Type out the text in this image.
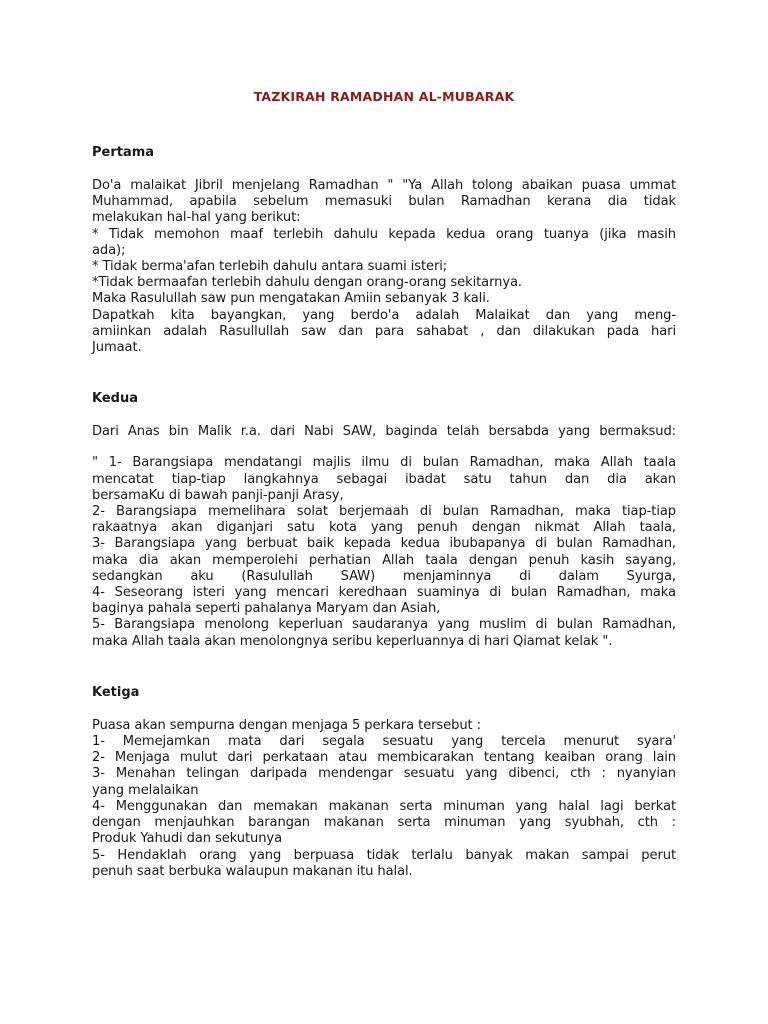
TAZKIRAH RAMADHAN AL-MUBARAK
Pertama
Do'a malaikat Jibril menjelang Ramadhan " "Ya Allah tolong abaikan puasa ummat
Muhammad, apabila sebelum memasuki bulan Ramadhan kerana dia tidak
melakukan hal-hal yang berikut:
* Tidak memohon maaf terlebih dahulu kepada kedua orang tuanya (jika masih
ada);
* Tidak berma'afan terlebih dahulu antara suami isteri;
*Tidak bermaafan terlebih dahulu dengan orang-orang sekitarnya.
Maka Rasulullah saw pun mengatakan Amiin sebanyak 3 kali.
Dapatkah kita bayangkan, yang berdo'a adalah Malaikat dan yang meng-
amiinkan adalah Rasullullah saw dan para sahabat , dan dilakukan pada hari
Jumaat.
Kedua
Dari Anas bin Malik r.a. dari Nabi SAW, baginda telah bersabda yang bermaksud:
" 1- Barangsiapa mendatangi majlis ilmu di bulan Ramadhan, maka Allah taala
mencatat tiap-tiap langkahnya sebagai ibadat satu tahun dan dia akan
bersamaKu di bawah panji-panji Arasy,
2- Barangsiapa memelihara solat berjemaah di bulan Ramadhan, maka tiap-tiap
rakaatnya akan diganjari satu kota yang penuh dengan nikmat Allah taala,
3- Barangsiapa yang berbuat baik kepada kedua ibubapanya di bulan Ramadhan,
maka dia akan memperolehi perhatian Allah taala dengan penuh kasih sayang,
sedangkan aku (Rasulullah SAW) menjaminnya di dalam Syurga,
4- Seseorang isteri yang mencari keredhaan suaminya di bulan Ramadhan, maka
baginya pahala seperti pahalanya Maryam dan Asiah,
5- Barangsiapa menolong keperluan saudaranya yang muslim di bulan Ramadhan,
maka Allah taala akan menolongnya seribu keperluannya di hari Qiamat kelak ".
Ketiga
Puasa akan sempurna dengan menjaga 5 perkara tersebut :
1- Memejamkan mata dari segala sesuatu yang tercela menurut syara'
2- Menjaga mulut dari perkataan atau membicarakan tentang keaiban orang lain
3- Menahan telingan daripada mendengar sesuatu yang dibenci, cth : nyanyian
yang melalaikan
4- Menggunakan dan memakan makanan serta minuman yang halal lagi berkat
dengan menjauhkan barangan makanan serta minuman yang syubhah, cth :
Produk Yahudi dan sekutunya
5- Hendaklah orang yang berpuasa tidak terlalu banyak makan sampai perut
penuh saat berbuka walaupun makanan itu halal.
